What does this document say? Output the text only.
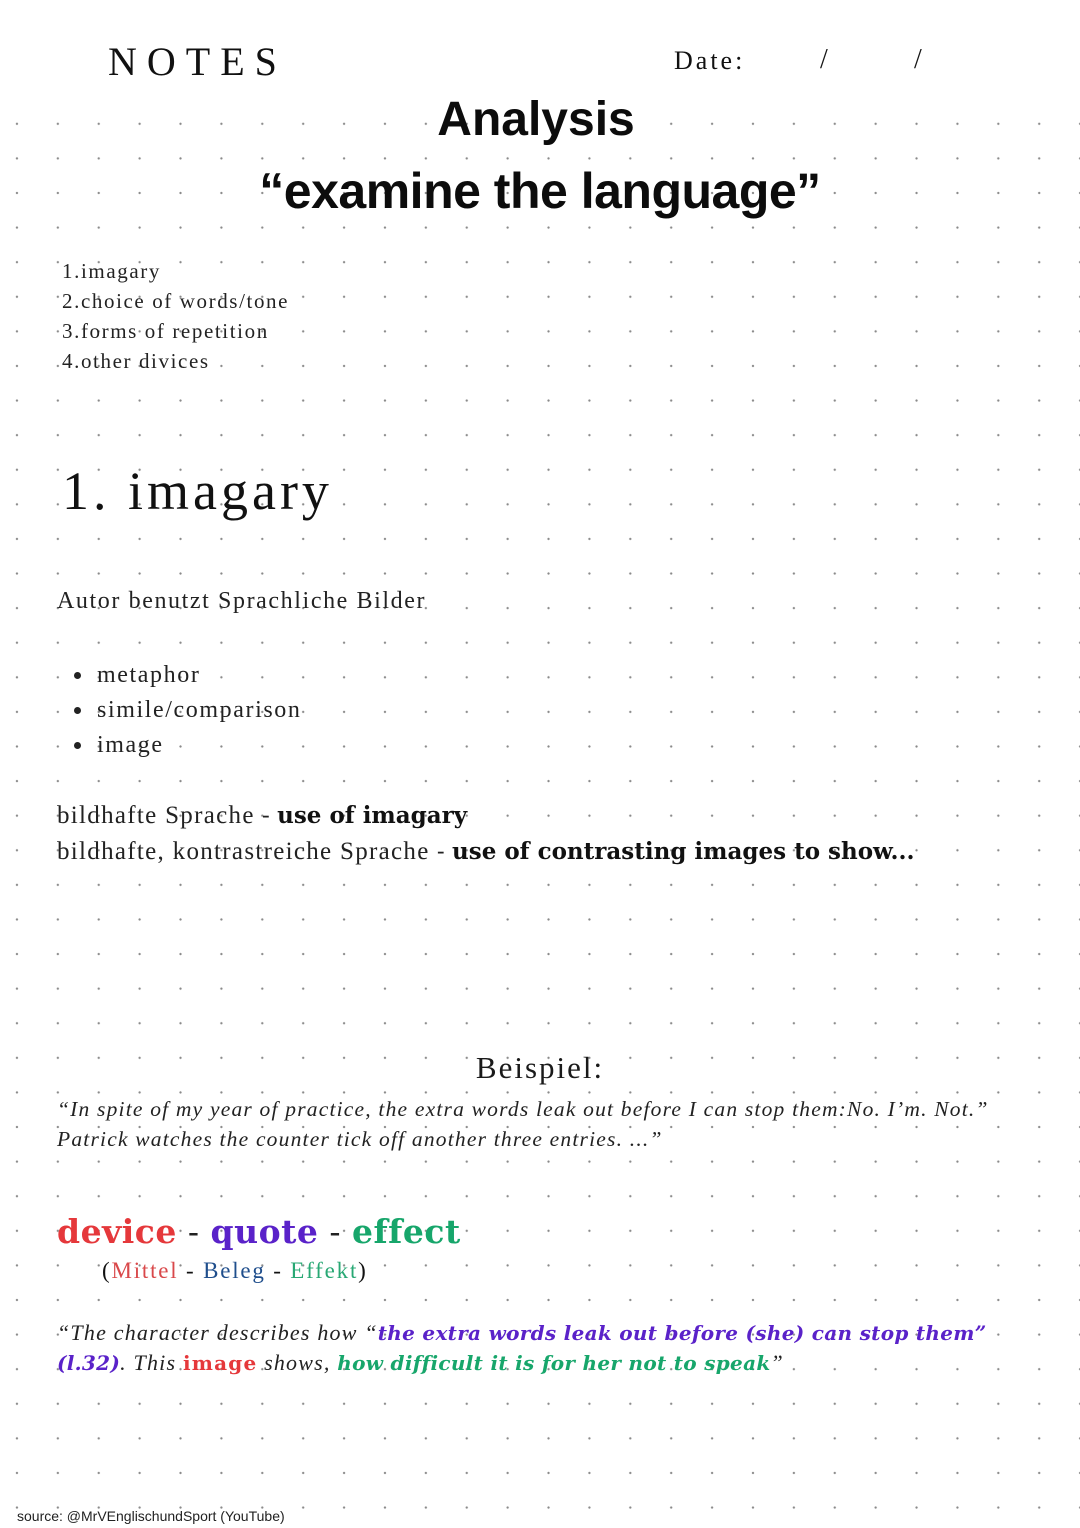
NOTES	Date:	/	/
Analysis
“examine the language”
1.imagary
2.choice of words/tone
3.forms of repetition
4.other divices
1. imagary
Autor benutzt Sprachliche Bilder
metaphor
simile/comparison
image
bildhafte Sprache - use of imagary
bildhafte, kontrastreiche Sprache - use of contrasting images to show...
Beispiel:
“In spite of my year of practice, the extra words leak out before I can stop them:No. I’m. Not.” Patrick watches the counter tick off another three entries. ...”
device - quote - effect
(Mittel - Beleg - Effekt)
“The character describes how “the extra words leak out before (she) can stop them” (l.32). This image shows, how difficult it is for her not to speak”
source: @MrVEnglischundSport (YouTube)
